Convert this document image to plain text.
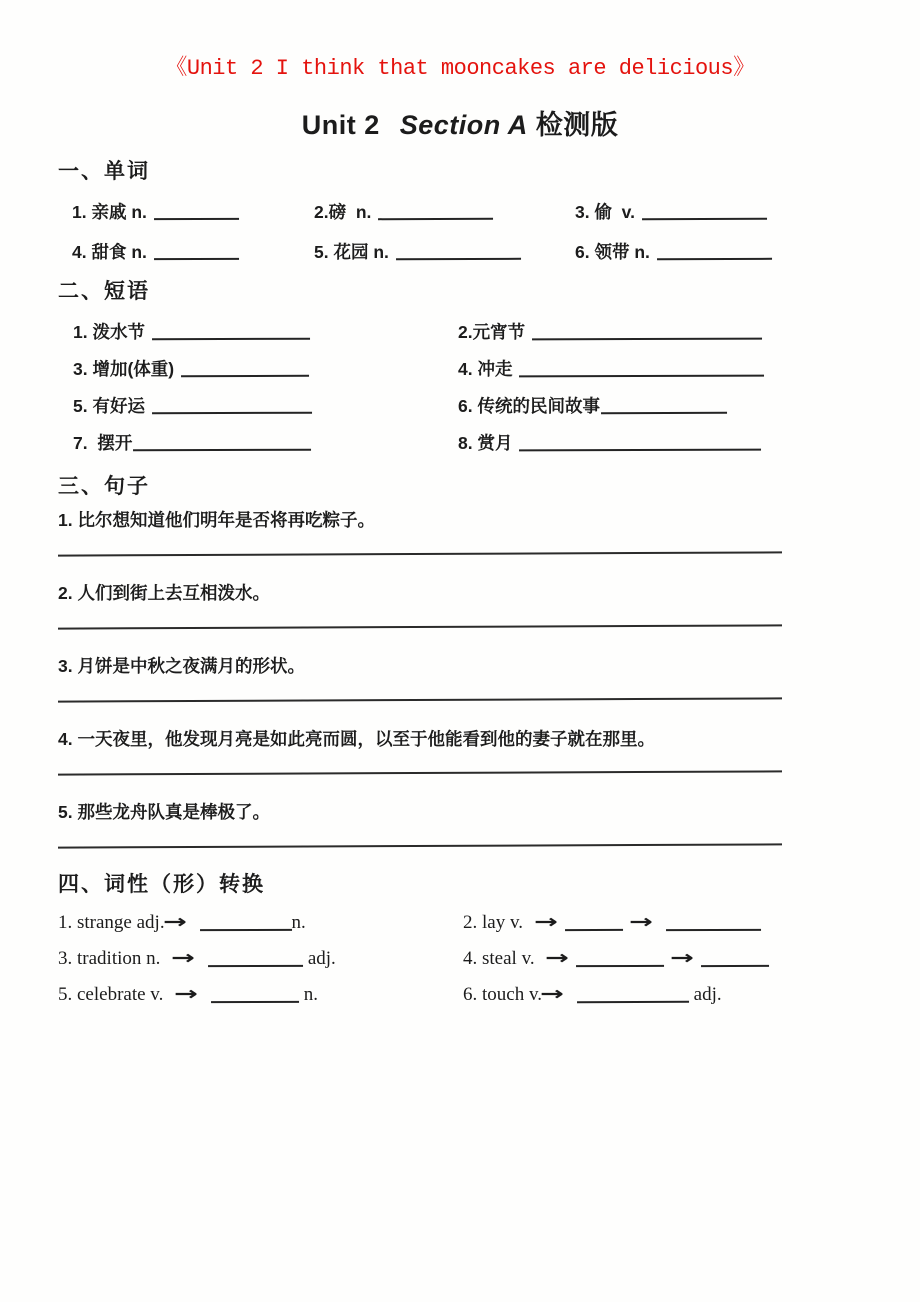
《Unit 2 I think that mooncakes are delicious》
Unit 2 Section A 检测版
一、单词
1. 亲戚 n.	2.磅  n.	3. 偷  v.
4. 甜食 n.	5. 花园 n.	6. 领带 n.
二、短语
1. 泼水节	2.元宵节
3. 增加(体重)	4. 冲走
5. 有好运	6. 传统的民间故事
7.  摆开	8. 赏月
三、句子
1. 比尔想知道他们明年是否将再吃粽子。
2. 人们到街上去互相泼水。
3. 月饼是中秋之夜满月的形状。
4. 一天夜里，他发现月亮是如此亮而圆，以至于他能看到他的妻子就在那里。
5. 那些龙舟队真是棒极了。
四、词性（形）转换
1. strange adj.→	n.	2. lay v. →	→
3. tradition n. →	adj.	4. steal v. →	→
5. celebrate v. →	n.	6. touch v.→	adj.
